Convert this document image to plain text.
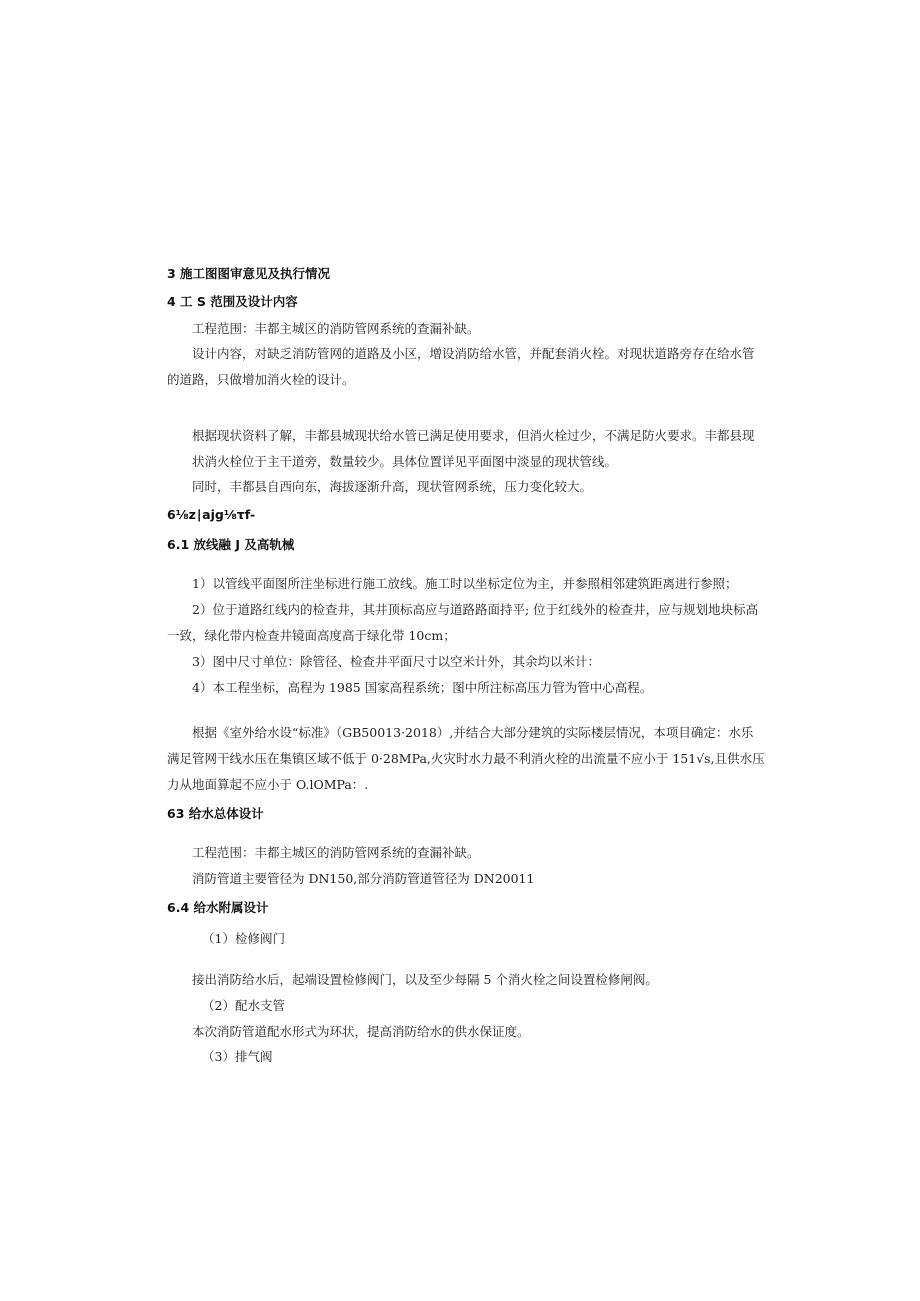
3 施工图图审意见及执行情况
4 工 S 范围及设计内容
工程范围：丰都主城区的消防管网系统的查漏补缺。
设计内容，对缺乏消防管网的道路及小区，增设消防给水管，并配套消火栓。对现状道路旁存在给水管
的道路，只做增加消火栓的设计。
根据现状资料了解，丰都县城现状给水管已满足使用要求，但消火栓过少，不满足防火要求。丰都县现
状消火栓位于主干道旁，数量较少。具体位置详见平面图中淡显的现状管线。
同时，丰都县自西向东，海拔逐渐升高，现状管网系统，压力变化较大。
6⅛z∣ajg⅛τf-
6.1 放线融 J 及高轨械
1）以管线平面图所注坐标进行施工放线。施工时以坐标定位为主，并参照相邻建筑距离进行参照；
2）位于道路红线内的检查井，其井顶标高应与道路路面持平; 位于红线外的检查井，应与规划地块标高
一致，绿化带内检查井镜面高度高于绿化带 10cm；
3）图中尺寸单位：除管径、检查井平面尺寸以空米计外，其余均以米计：
4）本工程坐标，高程为 1985 国家高程系统；图中所注标高压力管为管中心高程。
根据《室外给水设“标准》（GB50013·2018）,并结合大部分建筑的实际楼层情况，本项目确定：水乐
满足管网干线水压在集镇区域不低于 0·28MPa,火灾时水力最不利消火栓的出流量不应小于 151√s,且供水压
力从地面算起不应小于 O.lOMPa：.
63 给水总体设计
工程范围：丰都主城区的消防管网系统的查漏补缺。
消防管道主要管径为 DN150,部分消防管道管径为 DN20011
6.4 给水附属设计
（1）检修阀门
接出消防给水后，起端设置检修阀门，以及至少每隔 5 个消火栓之间设置检修闸阀。
（2）配水支管
本次消防管道配水形式为环状，提高消防给水的供水保证度。
（3）排气阀
